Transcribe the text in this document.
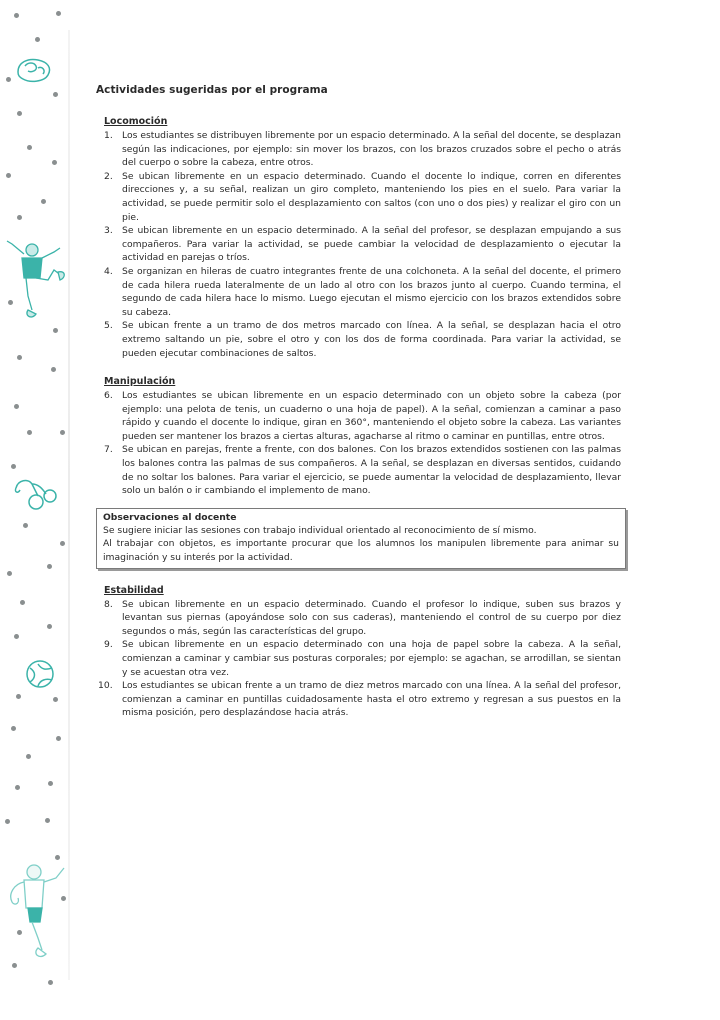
Actividades sugeridas por el programa
Locomoción
1. Los estudiantes se distribuyen libremente por un espacio determinado. A la señal del docente, se desplazan según las indicaciones, por ejemplo: sin mover los brazos, con los brazos cruzados sobre el pecho o atrás del cuerpo o sobre la cabeza, entre otros.
2. Se ubican libremente en un espacio determinado. Cuando el docente lo indique, corren en diferentes direcciones y, a su señal, realizan un giro completo, manteniendo los pies en el suelo. Para variar la actividad, se puede permitir solo el desplazamiento con saltos (con uno o dos pies) y realizar el giro con un pie.
3. Se ubican libremente en un espacio determinado. A la señal del profesor, se desplazan empujando a sus compañeros. Para variar la actividad, se puede cambiar la velocidad de desplazamiento o ejecutar la actividad en parejas o tríos.
4. Se organizan en hileras de cuatro integrantes frente de una colchoneta. A la señal del docente, el primero de cada hilera rueda lateralmente de un lado al otro con los brazos junto al cuerpo. Cuando termina, el segundo de cada hilera hace lo mismo. Luego ejecutan el mismo ejercicio con los brazos extendidos sobre su cabeza.
5. Se ubican frente a un tramo de dos metros marcado con línea. A la señal, se desplazan hacia el otro extremo saltando un pie, sobre el otro y con los dos de forma coordinada. Para variar la actividad, se pueden ejecutar combinaciones de saltos.
Manipulación
6. Los estudiantes se ubican libremente en un espacio determinado con un objeto sobre la cabeza (por ejemplo: una pelota de tenis, un cuaderno o una hoja de papel). A la señal, comienzan a caminar a paso rápido y cuando el docente lo indique, giran en 360°, manteniendo el objeto sobre la cabeza. Las variantes pueden ser mantener los brazos a ciertas alturas, agacharse al ritmo o caminar en puntillas, entre otros.
7. Se ubican en parejas, frente a frente, con dos balones. Con los brazos extendidos sostienen con las palmas los balones contra las palmas de sus compañeros. A la señal, se desplazan en diversas sentidos, cuidando de no soltar los balones. Para variar el ejercicio, se puede aumentar la velocidad de desplazamiento, llevar solo un balón o ir cambiando el implemento de mano.
Observaciones al docente

Se sugiere iniciar las sesiones con trabajo individual orientado al reconocimiento de sí mismo.

Al trabajar con objetos, es importante procurar que los alumnos los manipulen libremente para animar su imaginación y su interés por la actividad.

Estabilidad
8. Se ubican libremente en un espacio determinado. Cuando el profesor lo indique, suben sus brazos y levantan sus piernas (apoyándose solo con sus caderas), manteniendo el control de su cuerpo por diez segundos o más, según las características del grupo.
9. Se ubican libremente en un espacio determinado con una hoja de papel sobre la cabeza. A la señal, comienzan a caminar y cambiar sus posturas corporales; por ejemplo: se agachan, se arrodillan, se sientan y se acuestan otra vez.
10. Los estudiantes se ubican frente a un tramo de diez metros marcado con una línea. A la señal del profesor, comienzan a caminar en puntillas cuidadosamente hasta el otro extremo y regresan a sus puestos en la misma posición, pero desplazándose hacia atrás.
